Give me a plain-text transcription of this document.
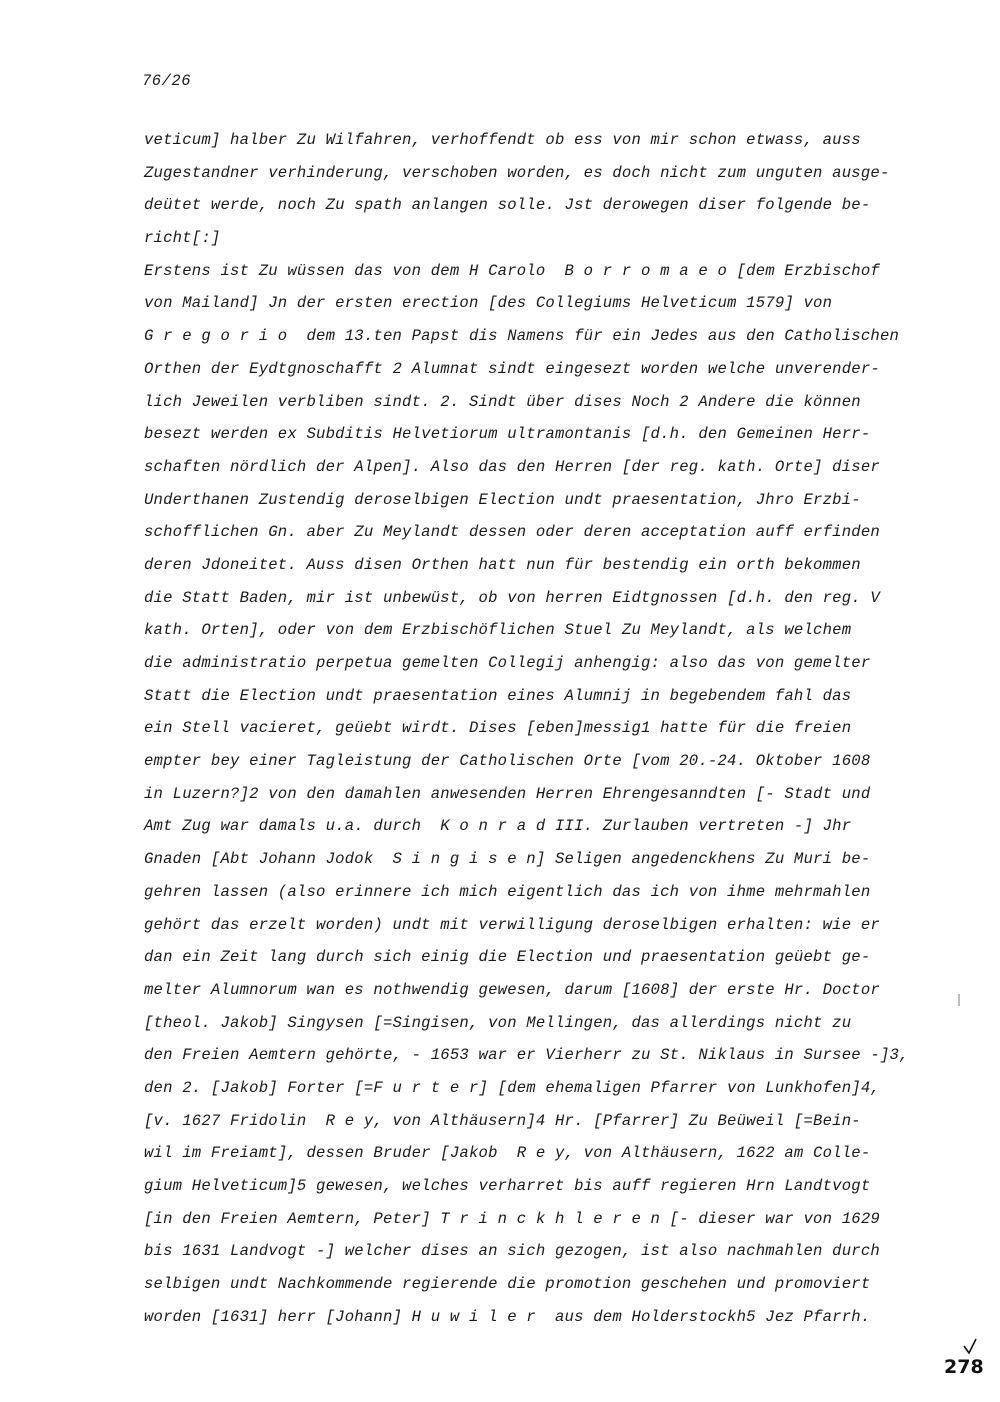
76/26
veticum] halber Zu Wilfahren, verhoffendt ob ess von mir schon etwass, auss
Zugestandner verhinderung, verschoben worden, es doch nicht zum unguten ausge-
deütet werde, noch Zu spath anlangen solle. Jst derowegen diser folgende be-
richt[:]
Erstens ist Zu wüssen das von dem H Carolo  B o r r o m a e o [dem Erzbischof
von Mailand] Jn der ersten erection [des Collegiums Helveticum 1579] von
G r e g o r i o  dem 13.ten Papst dis Namens für ein Jedes aus den Catholischen
Orthen der Eydtgnoschafft 2 Alumnat sindt eingesezt worden welche unverender-
lich Jeweilen verbliben sindt. 2. Sindt über dises Noch 2 Andere die können
besezt werden ex Subditis Helvetiorum ultramontanis [d.h. den Gemeinen Herr-
schaften nördlich der Alpen]. Also das den Herren [der reg. kath. Orte] diser
Underthanen Zustendig deroselbigen Election undt praesentation, Jhro Erzbi-
schofflichen Gn. aber Zu Meylandt dessen oder deren acceptation auff erfinden
deren Jdoneitet. Auss disen Orthen hatt nun für bestendig ein orth bekommen
die Statt Baden, mir ist unbewüst, ob von herren Eidtgnossen [d.h. den reg. V
kath. Orten], oder von dem Erzbischöflichen Stuel Zu Meylandt, als welchem
die administratio perpetua gemelten Collegij anhengig: also das von gemelter
Statt die Election undt praesentation eines Alumnij in begebendem fahl das
ein Stell vacieret, geüebt wirdt. Dises [eben]messig1 hatte für die freien
empter bey einer Tagleistung der Catholischen Orte [vom 20.-24. Oktober 1608
in Luzern?]2 von den damahlen anwesenden Herren Ehrengesanndten [- Stadt und
Amt Zug war damals u.a. durch  K o n r a d III. Zurlauben vertreten -] Jhr
Gnaden [Abt Johann Jodok  S i n g i s e n] Seligen angedenckhens Zu Muri be-
gehren lassen (also erinnere ich mich eigentlich das ich von ihme mehrmahlen
gehört das erzelt worden) undt mit verwilligung deroselbigen erhalten: wie er
dan ein Zeit lang durch sich einig die Election und praesentation geüebt ge-
melter Alumnorum wan es nothwendig gewesen, darum [1608] der erste Hr. Doctor
[theol. Jakob] Singysen [=Singisen, von Mellingen, das allerdings nicht zu
den Freien Aemtern gehörte, - 1653 war er Vierherr zu St. Niklaus in Sursee -]3,
den 2. [Jakob] Forter [=F u r t e r] [dem ehemaligen Pfarrer von Lunkhofen]4,
[v. 1627 Fridolin  R e y, von Althäusern]4 Hr. [Pfarrer] Zu Beüweil [=Bein-
wil im Freiamt], dessen Bruder [Jakob  R e y, von Althäusern, 1622 am Colle-
gium Helveticum]5 gewesen, welches verharret bis auff regieren Hrn Landtvogt
[in den Freien Aemtern, Peter] T r i n c k h l e r e n [- dieser war von 1629
bis 1631 Landvogt -] welcher dises an sich gezogen, ist also nachmahlen durch
selbigen undt Nachkommende regierende die promotion geschehen und promoviert
worden [1631] herr [Johann] H u w i l e r  aus dem Holderstockh5 Jez Pfarrh.
278
